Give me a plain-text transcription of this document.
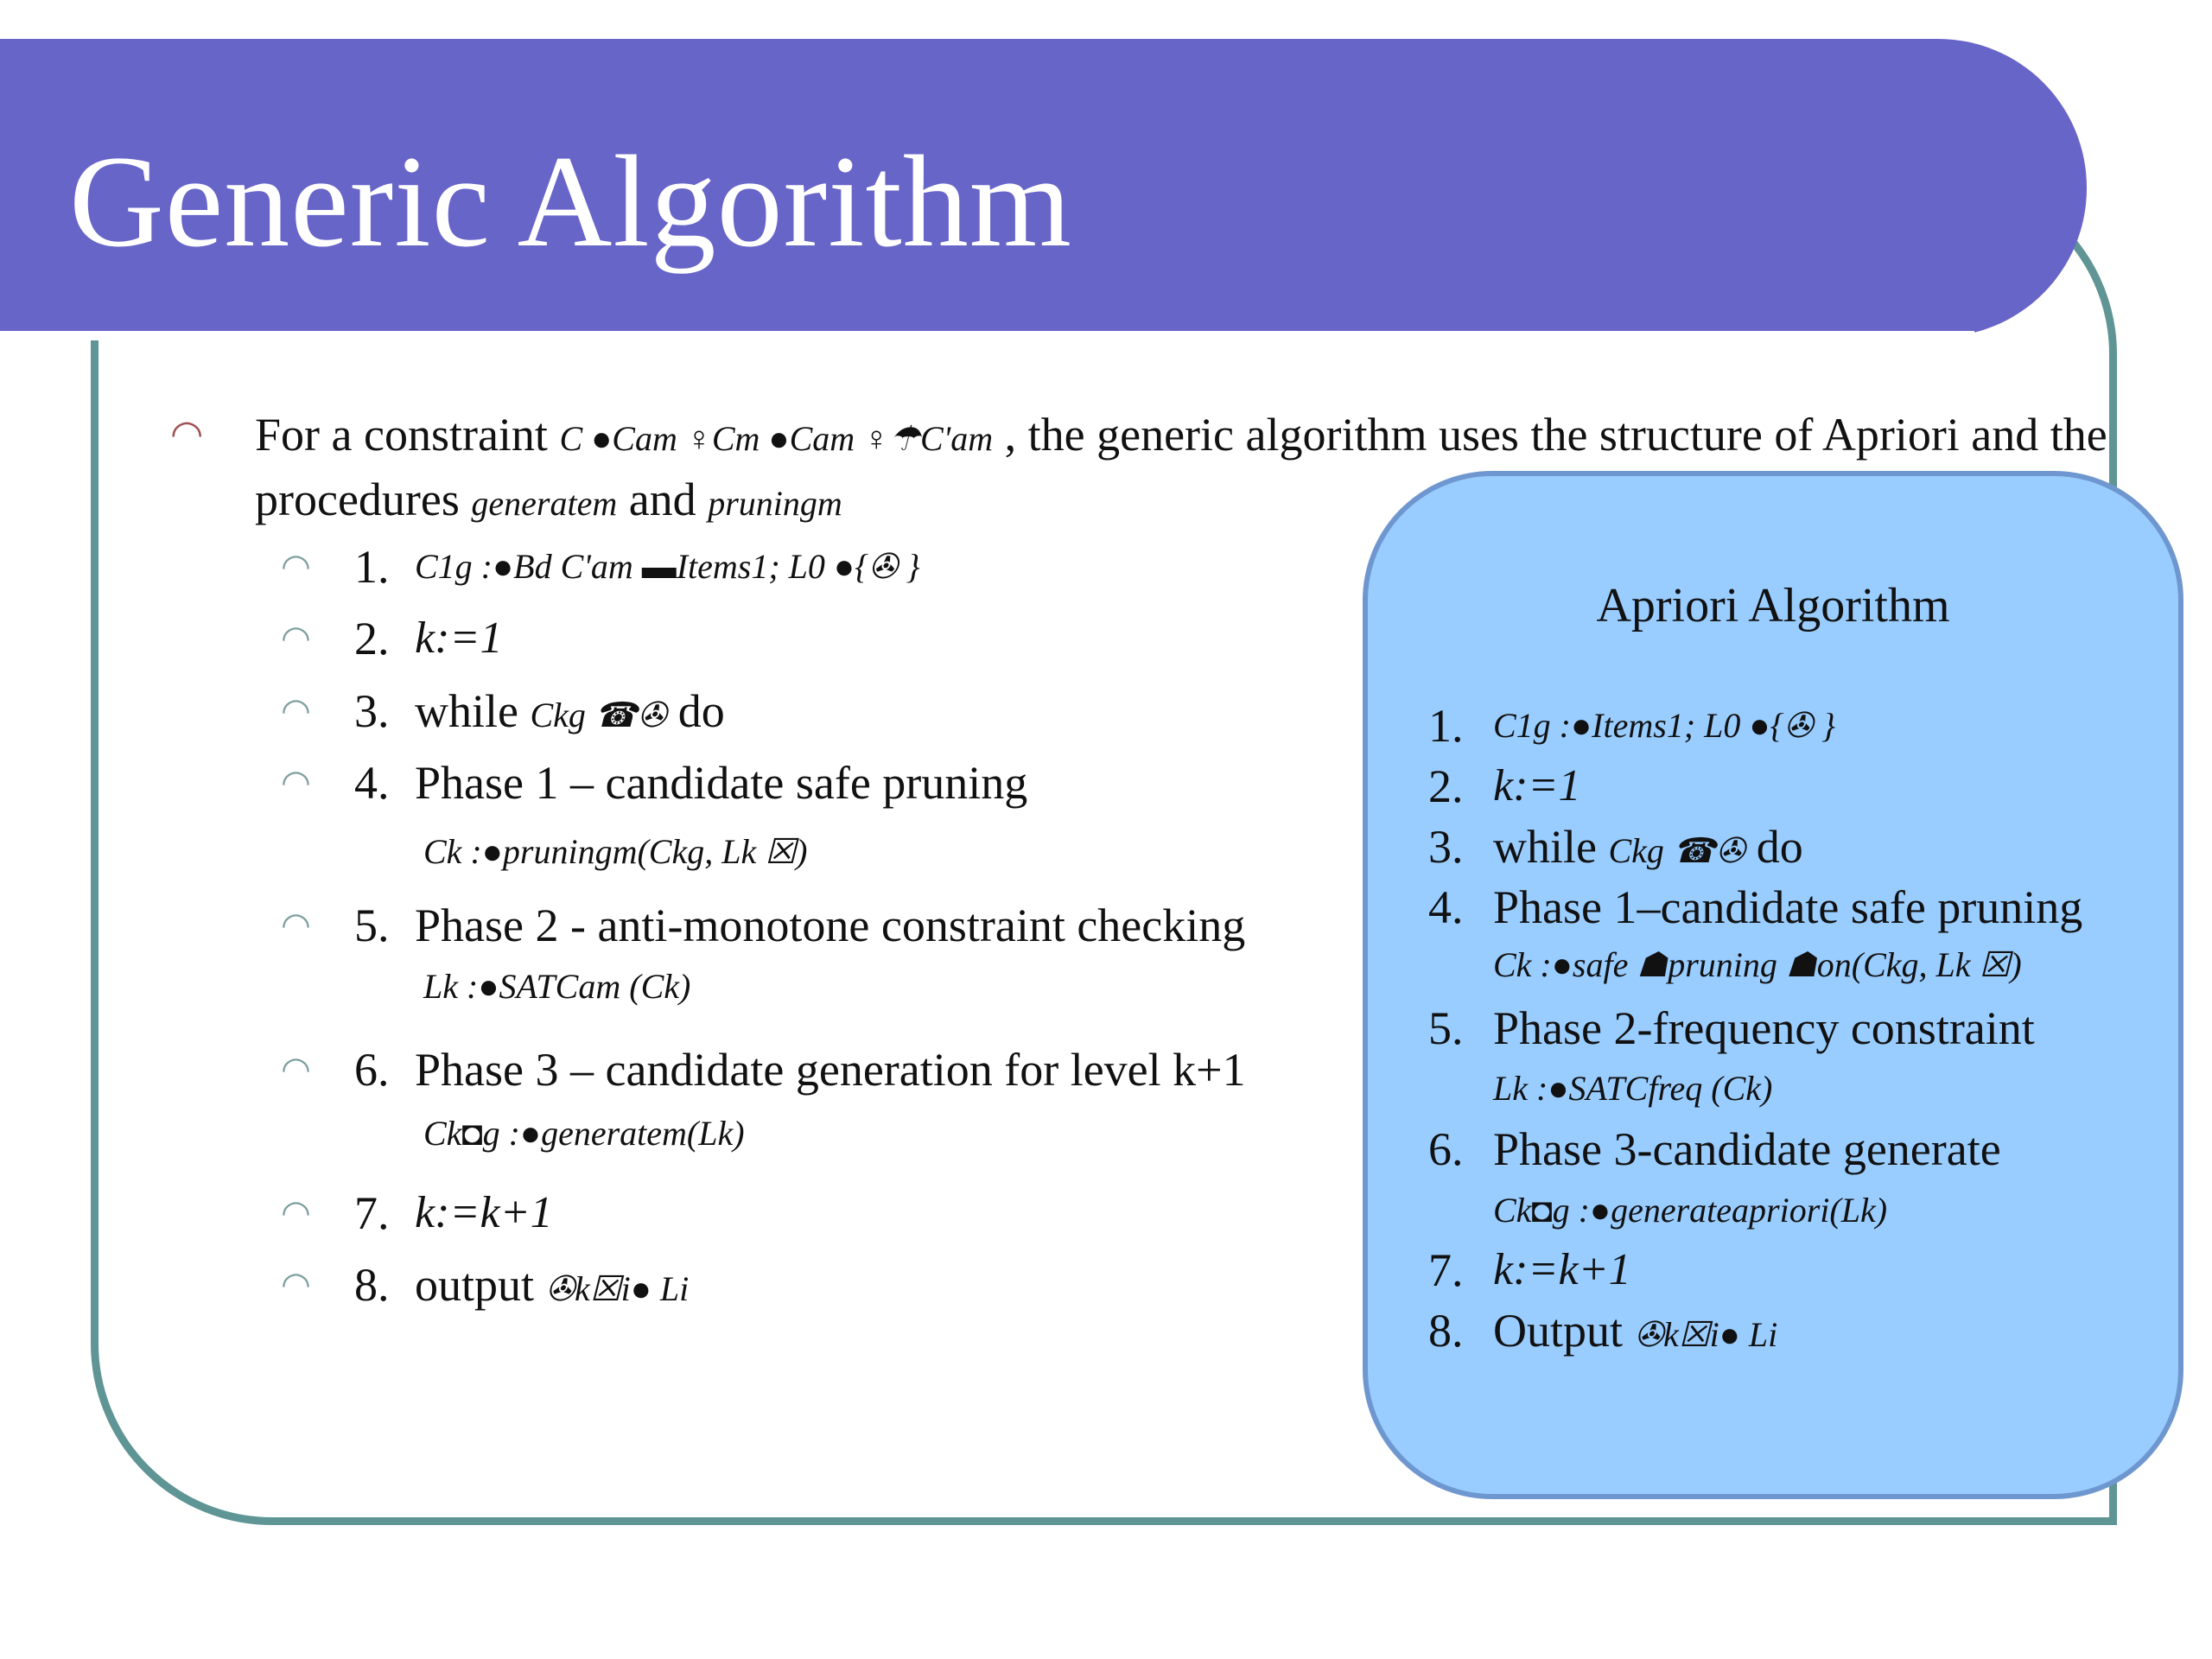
Generic Algorithm
◠ For a constraint C ●Cam ♀Cm ●Cam ♀☂C'am , the generic algorithm uses the structure of Apriori and the procedures generatem and pruningm
◠ 1. C1g :●Bd C'am ▬Items1; L0 ●{✇ }
◠ 2. k:=1
◠ 3. while Ckg ☎✇ do
◠ 4. Phase 1 – candidate safe pruning
Ck :●pruningm(Ckg, Lk ☒)
◠ 5. Phase 2 - anti-monotone constraint checking
Lk :●SATCam (Ck)
◠ 6. Phase 3 – candidate generation for level k+1
Ck◘g :●generatem(Lk)
◠ 7. k:=k+1
◠ 8. output ✇k☒i● Li
Apriori Algorithm
1. C1g :●Items1; L0 ●{✇ }
2. k:=1
3. while Ckg ☎✇ do
4. Phase 1–candidate safe pruning
Ck :●safe ☗pruning ☗on(Ckg, Lk ☒)
5. Phase 2-frequency constraint
Lk :●SATCfreq (Ck)
6. Phase 3-candidate generate
Ck◘g :●generateapriori(Lk)
7. k:=k+1
8. Output ✇k☒i● Li
